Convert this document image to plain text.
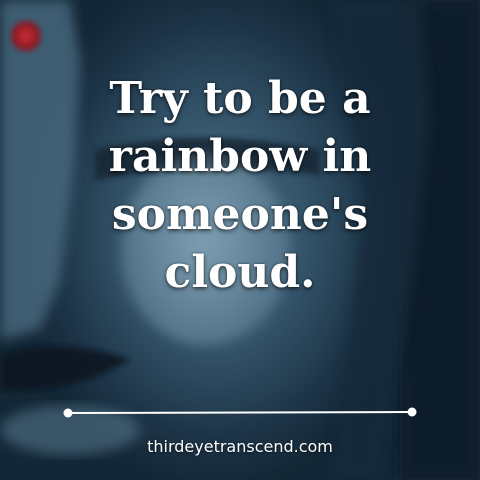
Try to be a
rainbow in
someone's
cloud.

thirdeyetranscend.com
